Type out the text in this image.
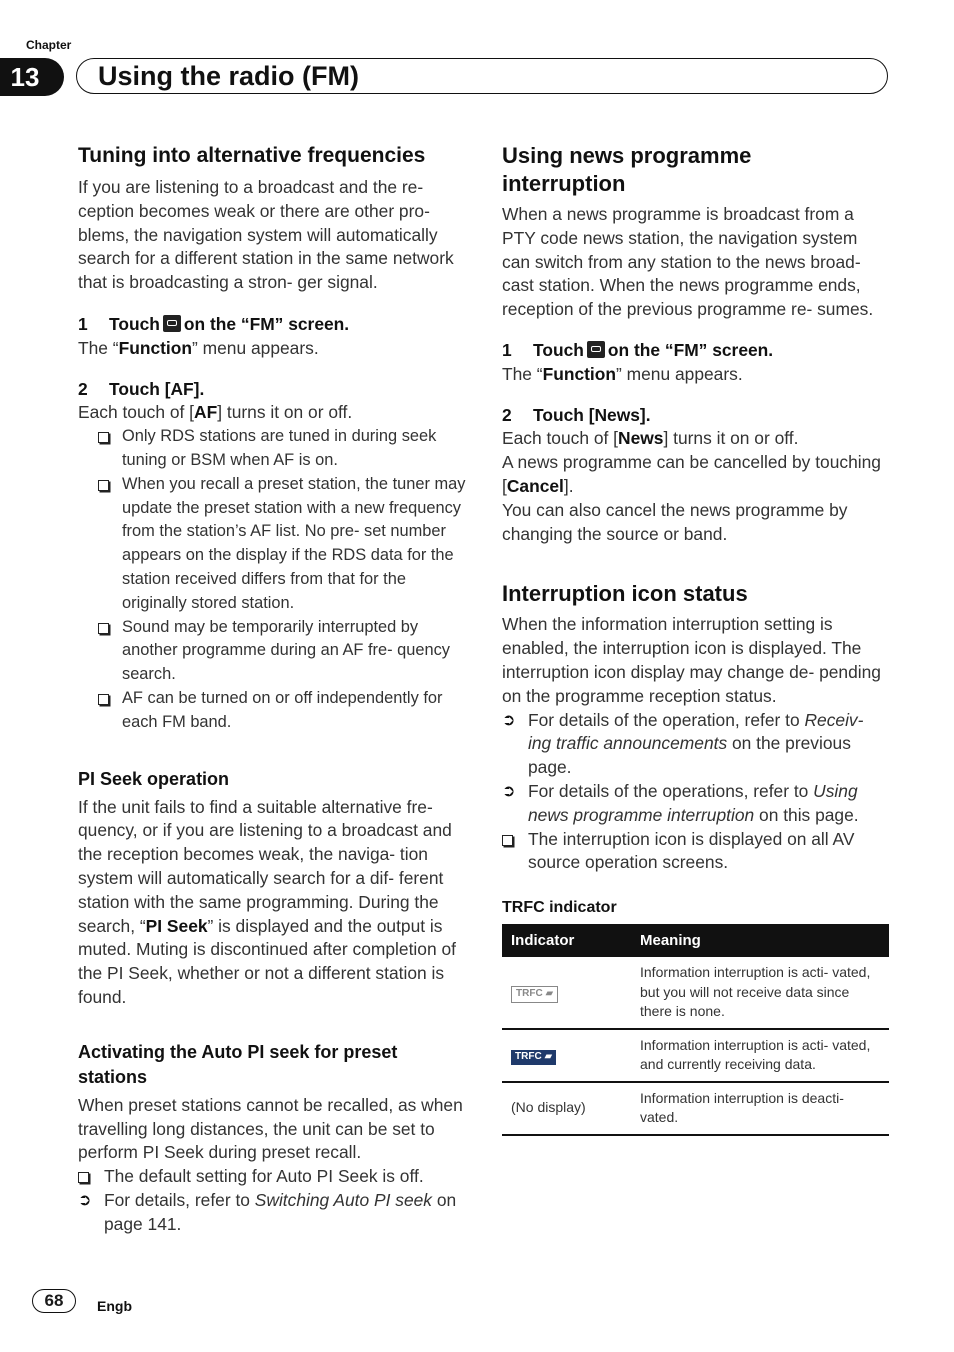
Chapter
13	Using the radio (FM)
Tuning into alternative frequencies

If you are listening to a broadcast and the re- ception becomes weak or there are other pro- blems, the navigation system will automatically search for a different station in the same network that is broadcasting a stron- ger signal.

1 Touch on the “FM” screen.

The “Function” menu appears.

2 Touch [AF].

Each touch of [AF] turns it on or off.

Only RDS stations are tuned in during seek tuning or BSM when AF is on.

When you recall a preset station, the tuner may update the preset station with a new frequency from the station’s AF list. No pre- set number appears on the display if the RDS data for the station received differs from that for the originally stored station.

Sound may be temporarily interrupted by another programme during an AF fre- quency search.

AF can be turned on or off independently for each FM band.

PI Seek operation

If the unit fails to find a suitable alternative fre- quency, or if you are listening to a broadcast and the reception becomes weak, the naviga- tion system will automatically search for a dif- ferent station with the same programming. During the search, “PI Seek” is displayed and the output is muted. Muting is discontinued after completion of the PI Seek, whether or not a different station is found.

Activating the Auto PI seek for preset stations

When preset stations cannot be recalled, as when travelling long distances, the unit can be set to perform PI Seek during preset recall.

The default setting for Auto PI Seek is off.

➲ For details, refer to Switching Auto PI seek on page 141.

Using news programme interruption

When a news programme is broadcast from a PTY code news station, the navigation system can switch from any station to the news broad- cast station. When the news programme ends, reception of the previous programme re- sumes.

1 Touch on the “FM” screen.

The “Function” menu appears.

2 Touch [News].

Each touch of [News] turns it on or off.

A news programme can be cancelled by touching [Cancel].

You can also cancel the news programme by changing the source or band.

Interruption icon status

When the information interruption setting is enabled, the interruption icon is displayed. The interruption icon display may change de- pending on the programme reception status.

➲ For details of the operation, refer to Receiv- ing traffic announcements on the previous page.

➲ For details of the operations, refer to Using news programme interruption on this page.

The interruption icon is displayed on all AV source operation screens.

TRFC indicator
Indicator	Meaning

TRFC ▰	Information interruption is acti- vated, but you will not receive data since there is none.

TRFC ▰	Information interruption is acti- vated, and currently receiving data.
(No display)	Information interruption is deacti- vated.
68	Engb
